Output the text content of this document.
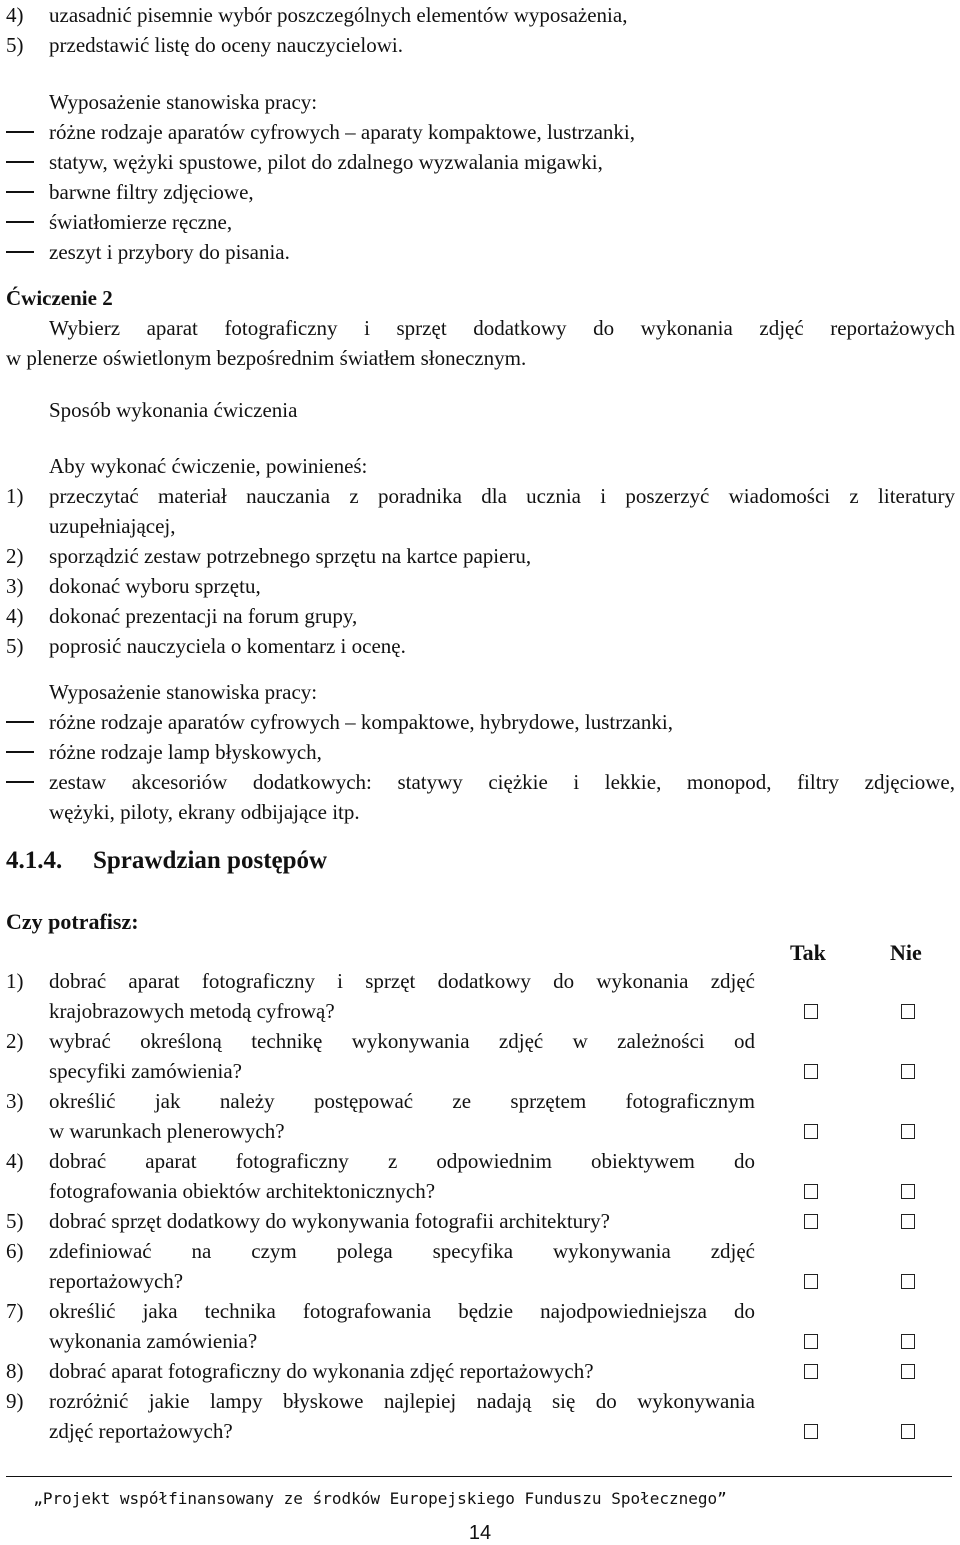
4) uzasadnić pisemnie wybór poszczególnych elementów wyposażenia,
5) przedstawić listę do oceny nauczycielowi.
Wyposażenie stanowiska pracy:
różne rodzaje aparatów cyfrowych – aparaty kompaktowe, lustrzanki,
statyw, wężyki spustowe, pilot do zdalnego wyzwalania migawki,
barwne filtry zdjęciowe,
światłomierze ręczne,
zeszyt i przybory do pisania.
Ćwiczenie 2
Wybierz aparat fotograficzny i sprzęt dodatkowy do wykonania zdjęć reportażowych
w plenerze oświetlonym bezpośrednim światłem słonecznym.
Sposób wykonania ćwiczenia
Aby wykonać ćwiczenie, powinieneś:
1) przeczytać materiał nauczania z poradnika dla ucznia i poszerzyć wiadomości z literatury
uzupełniającej,
2) sporządzić zestaw potrzebnego sprzętu na kartce papieru,
3) dokonać wyboru sprzętu,
4) dokonać prezentacji na forum grupy,
5) poprosić nauczyciela o komentarz i ocenę.
Wyposażenie stanowiska pracy:
różne rodzaje aparatów cyfrowych – kompaktowe, hybrydowe, lustrzanki,
różne rodzaje lamp błyskowych,
zestaw akcesoriów dodatkowych: statywy ciężkie i lekkie, monopod, filtry zdjęciowe,
wężyki, piloty, ekrany odbijające itp.
4.1.4. Sprawdzian postępów
Czy potrafisz:
Tak	Nie
1) dobrać aparat fotograficzny i sprzęt dodatkowy do wykonania zdjęć
krajobrazowych metodą cyfrową?
2) wybrać określoną technikę wykonywania zdjęć w zależności od
specyfiki zamówienia?
3) określić jak należy postępować ze sprzętem fotograficznym
w warunkach plenerowych?
4) dobrać aparat fotograficzny z odpowiednim obiektywem do
fotografowania obiektów architektonicznych?
5) dobrać sprzęt dodatkowy do wykonywania fotografii architektury?
6) zdefiniować na czym polega specyfika wykonywania zdjęć
reportażowych?
7) określić jaka technika fotografowania będzie najodpowiedniejsza do
wykonania zamówienia?
8) dobrać aparat fotograficzny do wykonania zdjęć reportażowych?
9) rozróżnić jakie lampy błyskowe najlepiej nadają się do wykonywania
zdjęć reportażowych?
„Projekt współfinansowany ze środków Europejskiego Funduszu Społecznego”
14
